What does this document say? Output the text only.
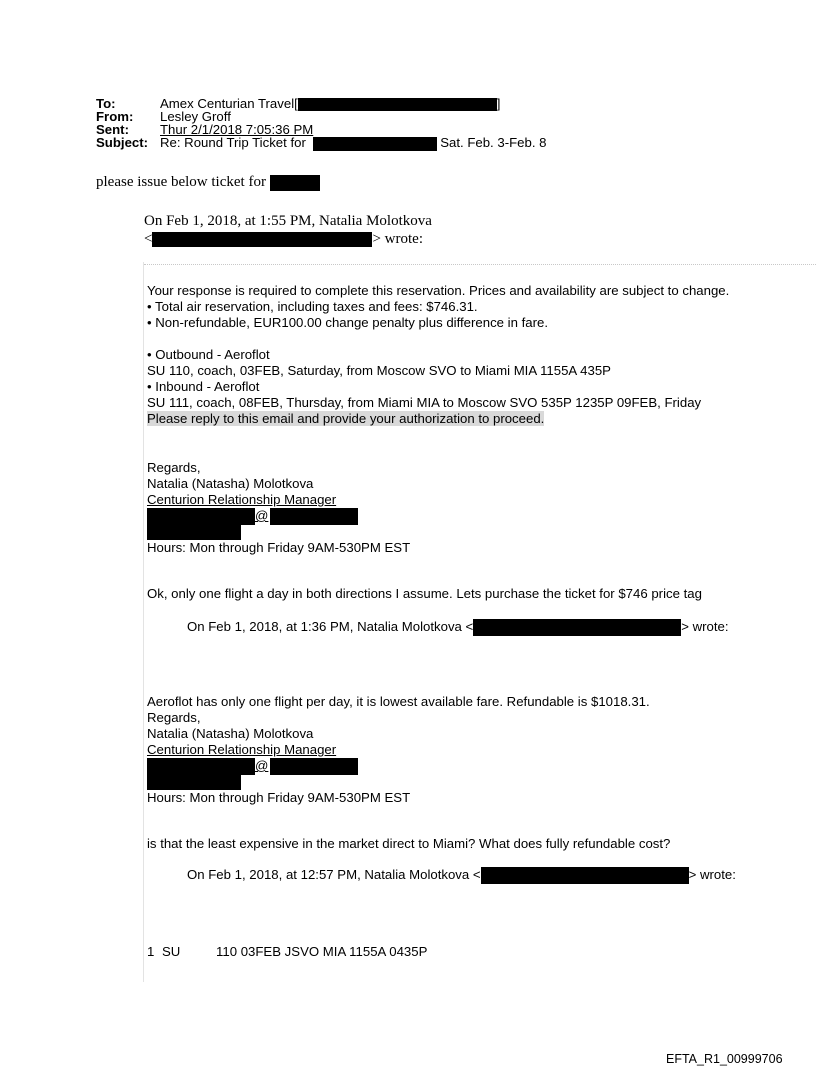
To:	Amex Centurian Travel[	]
From: Lesley Groff
Sent: Thur 2/1/2018 7:05:36 PM
Subject: Re: Round Trip Ticket for	Sat. Feb. 3-Feb. 8
please issue below ticket for
On Feb 1, 2018, at 1:55 PM, Natalia Molotkova
<	> wrote:
Your response is required to complete this reservation. Prices and availability are subject to change.
• Total air reservation, including taxes and fees: $746.31.
• Non-refundable, EUR100.00 change penalty plus difference in fare.
• Outbound - Aeroflot
SU 110, coach, 03FEB, Saturday, from Moscow SVO to Miami MIA 1155A 435P
• Inbound - Aeroflot
SU 111, coach, 08FEB, Thursday, from Miami MIA to Moscow SVO 535P 1235P 09FEB, Friday
Please reply to this email and provide your authorization to proceed.
Regards,
Natalia (Natasha) Molotkova
Centurion Relationship Manager
@
Hours: Mon through Friday 9AM-530PM EST
Ok, only one flight a day in both directions I assume. Lets purchase the ticket for $746 price tag
On Feb 1, 2018, at 1:36 PM, Natalia Molotkova <	> wrote:
Aeroflot has only one flight per day, it is lowest available fare. Refundable is $1018.31.
Regards,
Natalia (Natasha) Molotkova
Centurion Relationship Manager
@
Hours: Mon through Friday 9AM-530PM EST
is that the least expensive in the market direct to Miami? What does fully refundable cost?
On Feb 1, 2018, at 12:57 PM, Natalia Molotkova <	> wrote:
1 SU	110 03FEB JSVO MIA 1155A 0435P
EFTA_R1_00999706
